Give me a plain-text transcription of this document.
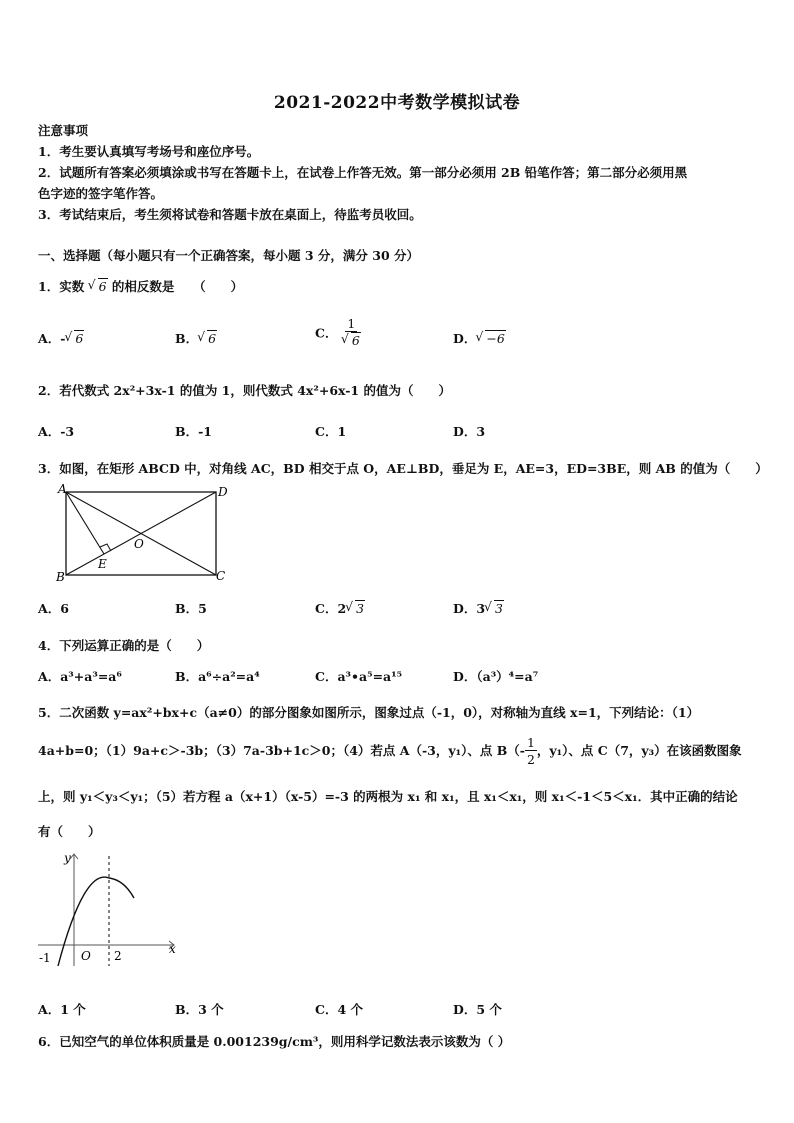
2021-2022中考数学模拟试卷
注意事项
1．考生要认真填写考场号和座位序号。
2．试题所有答案必须填涂或书写在答题卡上，在试卷上作答无效。第一部分必须用 2B 铅笔作答；第二部分必须用黑
色字迹的签字笔作答。
3．考试结束后，考生须将试卷和答题卡放在桌面上，待监考员收回。
一、选择题（每小题只有一个正确答案，每小题 3 分，满分 30 分）
1．实数 √ 6 的相反数是　　（　　）
A．- √ 6	B． √ 6	C． 1
√ 6	D． √ −6
2．若代数式 2x²+3x-1 的值为 1，则代数式 4x²+6x-1 的值为（　　）
A．-3	B．-1	C．1	D．3
3．如图，在矩形 ABCD 中，对角线 AC，BD 相交于点 O，AE⊥BD，垂足为 E，AE=3，ED=3BE，则 AB 的值为（　　）
A	D
B	C
O
E
A．6	B．5	C．2 √ 3	D．3 √ 3
4．下列运算正确的是（　　）
A．a³+a³=a⁶	B．a⁶÷a²=a⁴	C．a³•a⁵=a¹⁵	D．（a³）⁴=a⁷
5．二次函数 y=ax²+bx+c（a≠0）的部分图象如图所示，图象过点（-1，0），对称轴为直线 x=1，下列结论：（1）
4a+b=0；（1）9a+c＞-3b；（3）7a-3b+1c＞0；（4）若点 A（-3，y₁）、点 $B(- \frac{1}{2}$ ，y₁）、点 C（7，y₃）在该函数图象
上，则 y₁＜y₃＜y₁；（5）若方程 a（x+1）（x-5）=-3 的两根为 x₁ 和 x₁，且 x₁＜x₁，则 x₁＜-1＜5＜x₁．其中正确的结论
有（　　）
y
x
O
-1	2
A．1 个	B．3 个	C．4 个	D．5 个
6．已知空气的单位体积质量是 0.001239g/cm³，则用科学记数法表示该数为（ ）
